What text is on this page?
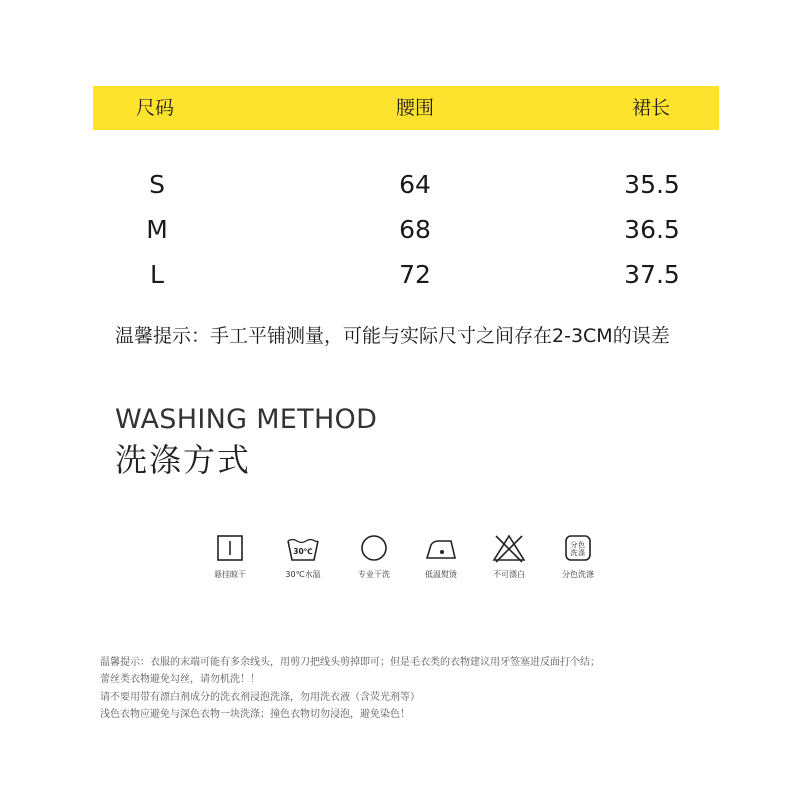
尺码	腰围	裙长
S	64	35.5
M	68	36.5
L	72	37.5
温馨提示：手工平铺测量，可能与实际尺寸之间存在2-3CM的误差
WASHING METHOD
洗涤方式
悬挂晾干
30℃
30℃水温	专业干洗	低温熨烫	不可漂白
分色洗涤
分色洗涤
温馨提示：衣服的末端可能有多余线头，用剪刀把线头剪掉即可；但是毛衣类的衣物建议用牙签塞进反面打个结；
蕾丝类衣物避免勾丝，请勿机洗！！
请不要用带有漂白剂成分的洗衣剂浸泡洗涤，勿用洗衣液（含荧光剂等）
浅色衣物应避免与深色衣物一块洗涤；撞色衣物切勿浸泡，避免染色！
